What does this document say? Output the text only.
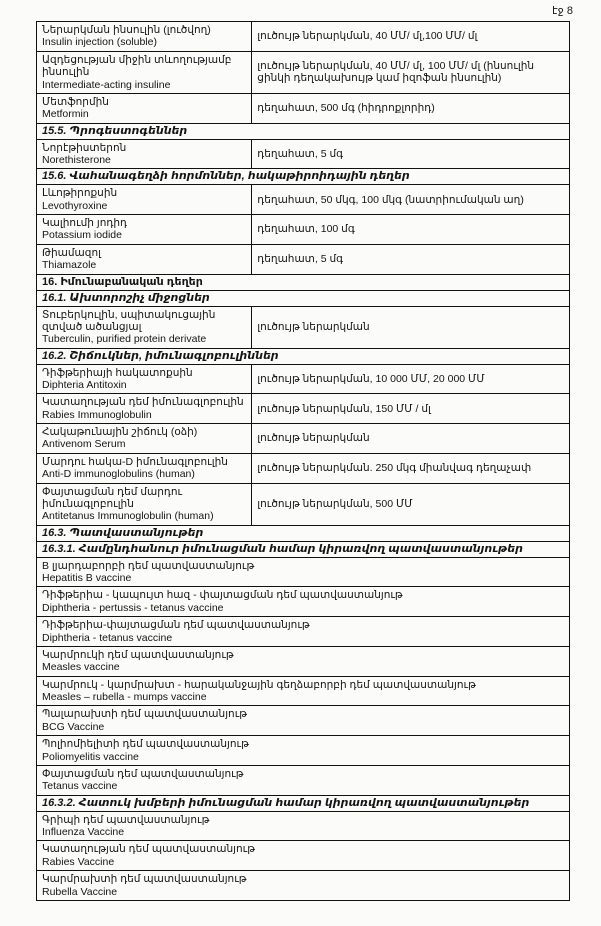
էջ 8
Ներարկման ինսուլին (լուծվող)
Insulin injection (soluble)	լուծույթ ներարկման, 40 ՄՄ/ մլ,100 ՄՄ/ մլ

Ազդեցության միջին տևողությամբ ինսուլին
Intermediate-acting insuline	լուծույթ ներարկման, 40 ՄՄ/ մլ, 100 ՄՄ/ մլ (ինսուլին ցինկի դեղակախույթ կամ իզոֆան ինսուլին)

Մետֆորմին
Metformin	դեղահատ, 500 մգ (հիդրոքլորիդ)
15.5. Պրոգեստոգեններ	

Նորէթիստերոն
Norethisterone	դեղահատ, 5 մգ
15.6. Վահանագեղձի հորմոններ, հակաթիրոիդային դեղեր	

Լևոթիրոքսին
Levothyroxine	դեղահատ, 50 մկգ, 100 մկգ (նատրիումական աղ)

Կալիումի յոդիդ
Potassium iodide	դեղահատ, 100 մգ

Թիամազոլ
Thiamazole	դեղահատ, 5 մգ
16. Իմունաբանական դեղեր	
16.1. Ախտորոշիչ միջոցներ	

Տուբերկուլին, սպիտակուցային զտված ածանցյալ
Tuberculin, purified protein derivate	լուծույթ ներարկման
16.2. Շիճուկներ, իմունագլոբուլիններ	

Դիֆթերիայի հակատոքսին
Diphteria Antitoxin	լուծույթ ներարկման, 10 000 ՄՄ, 20 000 ՄՄ

Կատաղության դեմ իմունագլոբուլին
Rabies Immunoglobulin	լուծույթ ներարկման, 150 ՄՄ / մլ

Հակաթունային շիճուկ (օձի)
Antivenom Serum	լուծույթ ներարկման

Մարդու հակա-D իմունագլոբուլին
Anti-D immunoglobulins (human)	լուծույթ ներարկման. 250 մկգ միանվագ դեղաչափ

Փայտացման դեմ մարդու իմունագլոբուլին
Antitetanus Immunoglobulin (human)	լուծույթ ներարկման, 500 ՄՄ
16.3. Պատվաստանյութեր	
16.3.1. Համընդհանուր իմունացման համար կիրառվող պատվաստանյութեր	

B լյարդաբորբի դեմ պատվաստանյութ
Hepatitis B vaccine	

Դիֆթերիա - կապույտ հազ - փայտացման դեմ պատվաստանյութ
Diphtheria - pertussis - tetanus vaccine	

Դիֆթերիա-փայտացման դեմ պատվաստանյութ
Diphtheria - tetanus vaccine	

Կարմրուկի դեմ պատվաստանյութ
Measles vaccine	

Կարմրուկ - կարմրախտ - հարականջային գեղձաբորբի դեմ պատվաստանյութ
Measles – rubella - mumps vaccine	

Պալարախտի դեմ պատվաստանյութ
BCG Vaccine	

Պոլիոմիելիտի դեմ պատվաստանյութ
Poliomyelitis vaccine	

Փայտացման դեմ պատվաստանյութ
Tetanus vaccine	

16.3.2. Հատուկ խմբերի իմունացման համար կիրառվող պատվաստանյութեր	

Գրիպի դեմ պատվաստանյութ
Influenza Vaccine	

Կատաղության դեմ պատվաստանյութ
Rabies Vaccine	

Կարմրախտի դեմ պատվաստանյութ
Rubella Vaccine	
